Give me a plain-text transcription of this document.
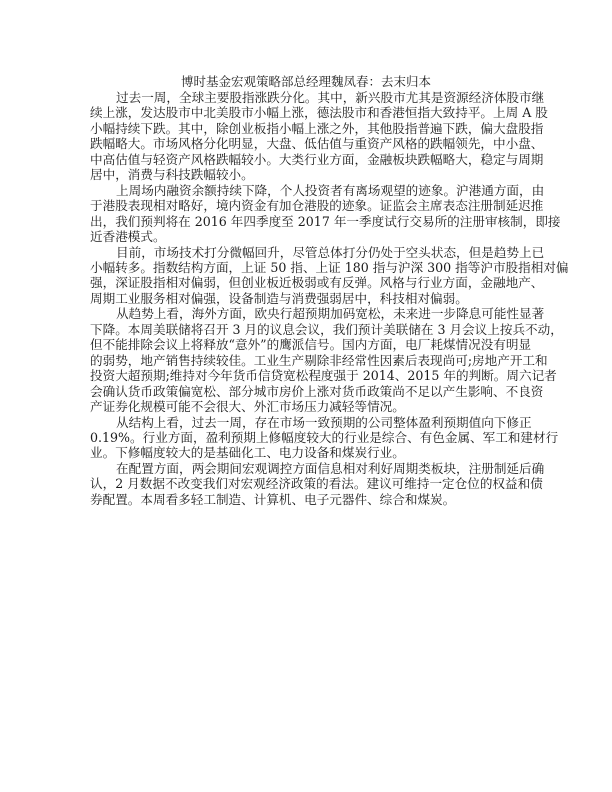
博时基金宏观策略部总经理魏凤春：去末归本
过去一周，全球主要股指涨跌分化。其中，新兴股市尤其是资源经济体股市继
续上涨，发达股市中北美股市小幅上涨，德法股市和香港恒指大致持平。上周 A 股
小幅持续下跌。其中，除创业板指小幅上涨之外，其他股指普遍下跌，偏大盘股指
跌幅略大。市场风格分化明显，大盘、低估值与重资产风格的跌幅领先，中小盘、
中高估值与轻资产风格跌幅较小。大类行业方面，金融板块跌幅略大，稳定与周期
居中，消费与科技跌幅较小。
上周场内融资余额持续下降，个人投资者有离场观望的迹象。沪港通方面，由
于港股表现相对略好，境内资金有加仓港股的迹象。证监会主席表态注册制延迟推
出，我们预判将在 2016 年四季度至 2017 年一季度试行交易所的注册审核制，即接
近香港模式。
目前，市场技术打分微幅回升，尽管总体打分仍处于空头状态，但是趋势上已
小幅转多。指数结构方面，上证 50 指、上证 180 指与沪深 300 指等沪市股指相对偏
强，深证股指相对偏弱，但创业板近极弱或有反弹。风格与行业方面，金融地产、
周期工业服务相对偏强，设备制造与消费强弱居中，科技相对偏弱。
从趋势上看，海外方面，欧央行超预期加码宽松，未来进一步降息可能性显著
下降。本周美联储将召开 3 月的议息会议，我们预计美联储在 3 月会议上按兵不动，
但不能排除会议上将释放“意外”的鹰派信号。国内方面，电厂耗煤情况没有明显
的弱势，地产销售持续较佳。工业生产剔除非经常性因素后表现尚可;房地产开工和
投资大超预期;维持对今年货币信贷宽松程度强于 2014、2015 年的判断。周六记者
会确认货币政策偏宽松、部分城市房价上涨对货币政策尚不足以产生影响、不良资
产证券化规模可能不会很大、外汇市场压力减轻等情况。
从结构上看，过去一周，存在市场一致预期的公司整体盈利预期值向下修正
0.19%。行业方面，盈利预期上修幅度较大的行业是综合、有色金属、军工和建材行
业。下修幅度较大的是基础化工、电力设备和煤炭行业。
在配置方面，两会期间宏观调控方面信息相对利好周期类板块，注册制延后确
认，2 月数据不改变我们对宏观经济政策的看法。建议可维持一定仓位的权益和债
券配置。本周看多轻工制造、计算机、电子元器件、综合和煤炭。
